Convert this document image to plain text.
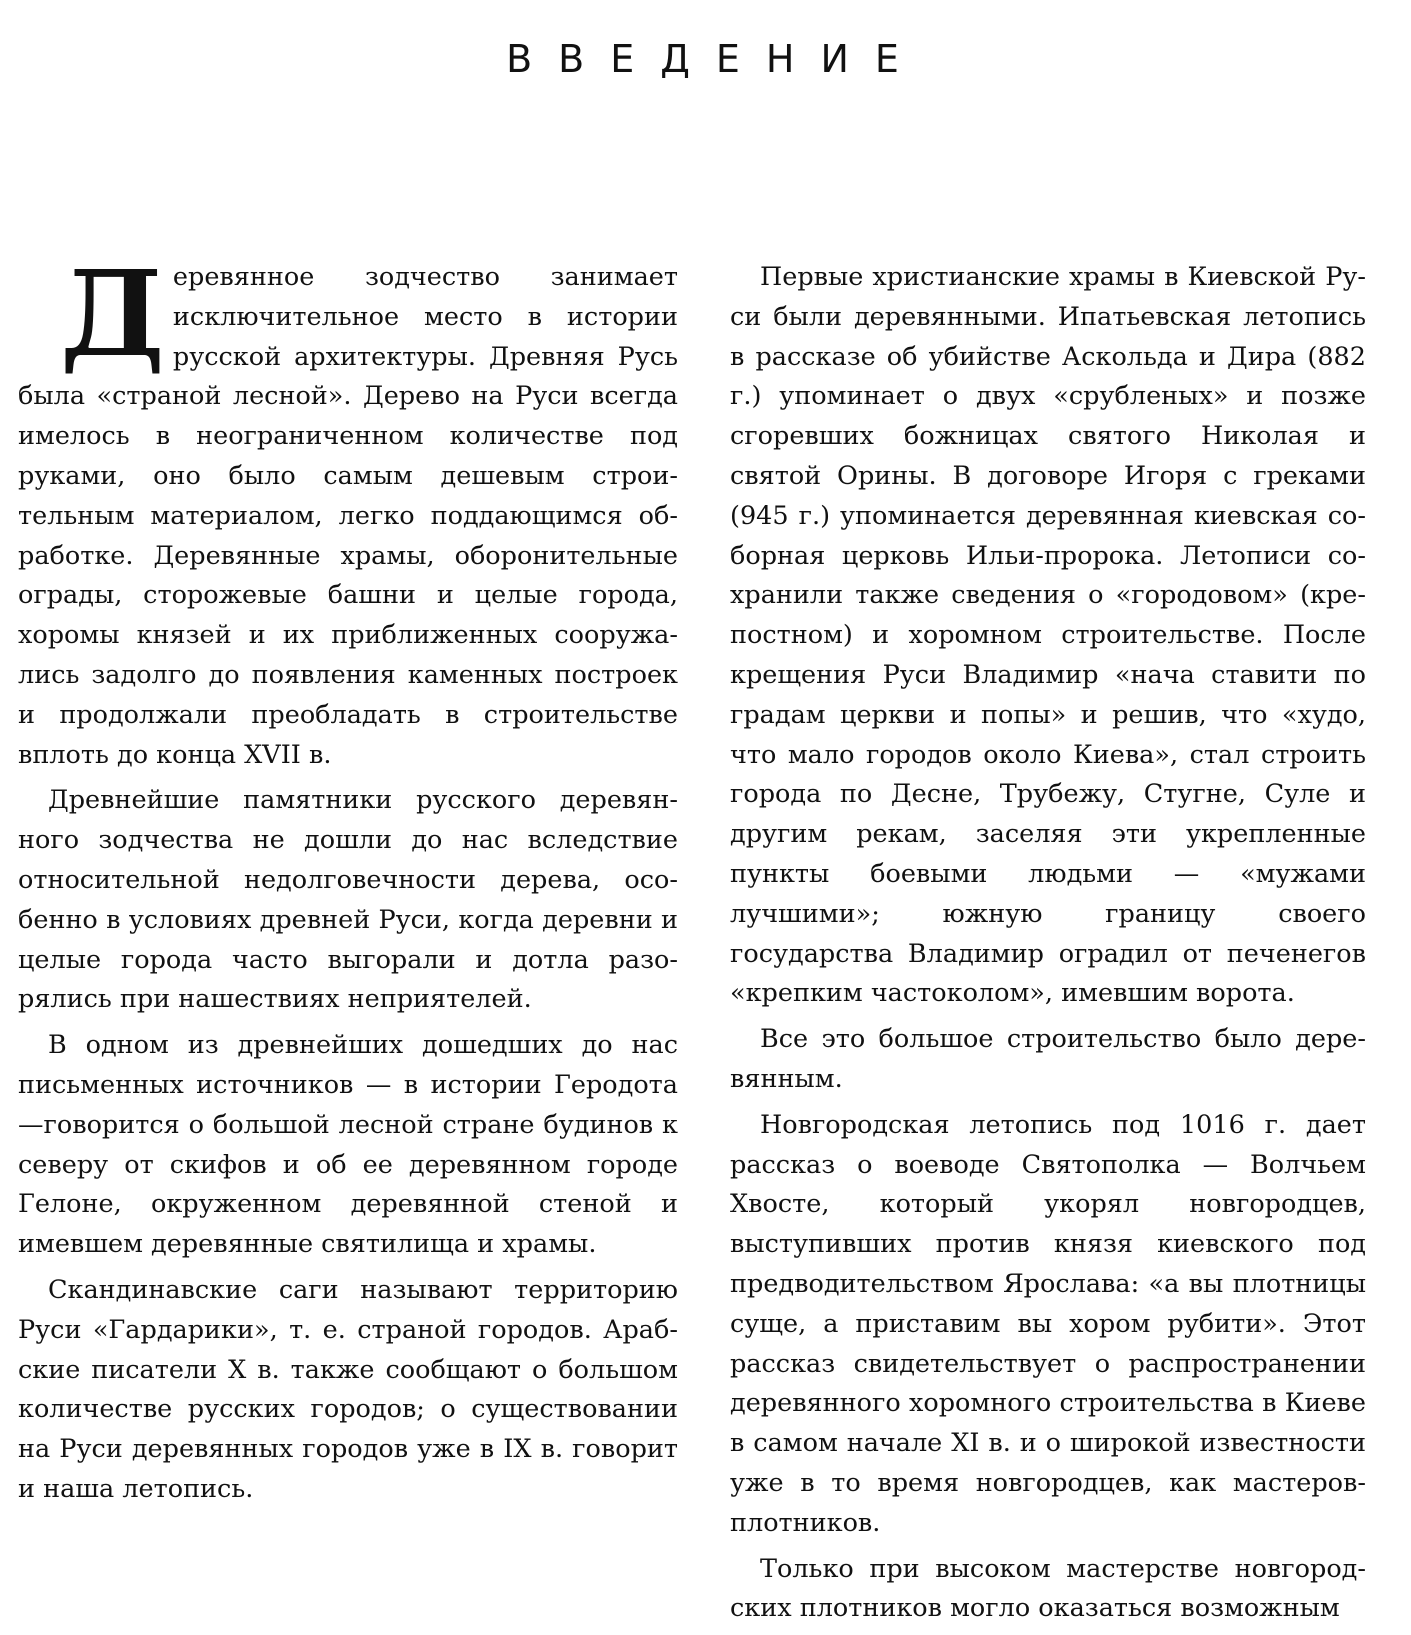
ВВЕДЕНИЕ

Деревянное зодчество занимает исключительное место в истории русской архитектуры. Древняя Русь была «страной лесной». Дерево на Руси всегда имелось в неограниченном количестве под руками, оно было самым дешевым строительным материалом, легко поддающимся обработке. Деревянные храмы, оборонительные ограды, сторожевые башни и целые города, хоромы князей и их приближенных сооружались задолго до появления каменных построек и продолжали преобладать в строительстве вплоть до конца XVII в.

Древнейшие памятники русского деревянного зодчества не дошли до нас вследствие относительной недолговечности дерева, особенно в условиях древней Руси, когда деревни и целые города часто выгорали и дотла разорялись при нашествиях неприятелей.

В одном из древнейших дошедших до нас письменных источников — в истории Геродота—говорится о большой лесной стране будинов к северу от скифов и об ее деревянном городе Гелоне, окруженном деревянной стеной и имевшем деревянные святилища и храмы.

Скандинавские саги называют территорию Руси «Гардарики», т. е. страной городов. Арабские писатели X в. также сообщают о большом количестве русских городов; о существовании на Руси деревянных городов уже в IX в. говорит и наша летопись.

Первые христианские храмы в Киевской Руси были деревянными. Ипатьевская летопись в рассказе об убийстве Аскольда и Дира (882 г.) упоминает о двух «срубленых» и позже сгоревших божницах святого Николая и святой Орины. В договоре Игоря с греками (945 г.) упоминается деревянная киевская соборная церковь Ильи-пророка. Летописи сохранили также сведения о «городовом» (крепостном) и хоромном строительстве. После крещения Руси Владимир «нача ставити по градам церкви и попы» и решив, что «худо, что мало городов около Киева», стал строить города по Десне, Трубежу, Стугне, Суле и другим рекам, заселяя эти укрепленные пункты боевыми людьми — «мужами лучшими»; южную границу своего государства Владимир оградил от печенегов «крепким частоколом», имевшим ворота.

Все это большое строительство было деревянным.

Новгородская летопись под 1016 г. дает рассказ о воеводе Святополка — Волчьем Хвосте, который укорял новгородцев, выступивших против князя киевского под предводительством Ярослава: «а вы плотницы суще, а приставим вы хором рубити». Этот рассказ свидетельствует о распространении деревянного хоромного строительства в Киеве в самом начале XI в. и о широкой известности уже в то время новгородцев, как мастеров-плотников.

Только при высоком мастерстве новгородских плотников могло оказаться возможным
